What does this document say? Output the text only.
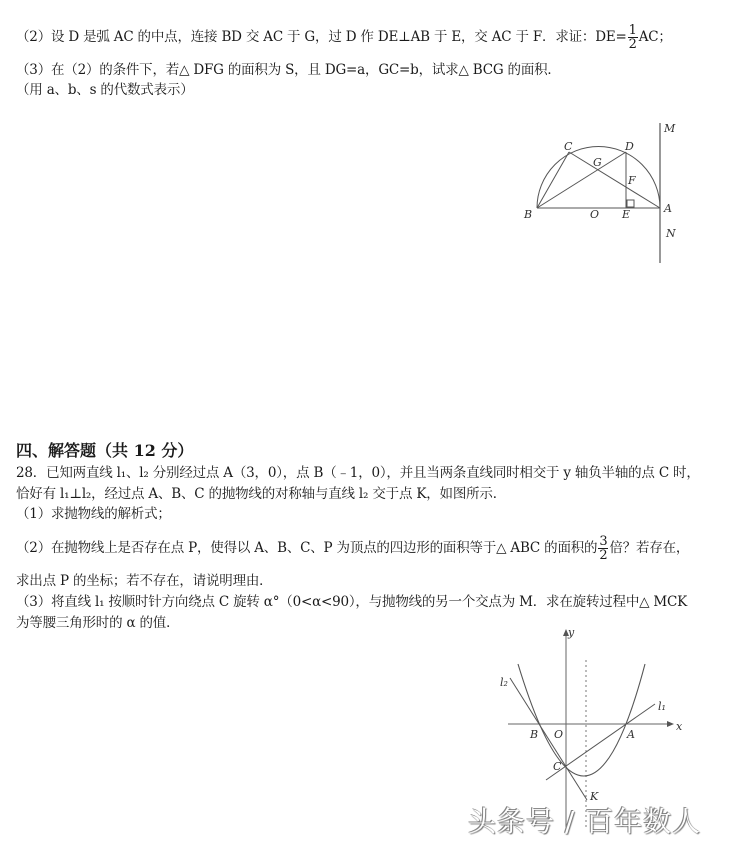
（2）设 D 是弧 AC 的中点，连接 BD 交 AC 于 G，过 D 作 DE⊥AB 于 E，交 AC 于 F．求证：$DE= \frac{1}{2}$ AC；
（3）在（2）的条件下，若△ DFG 的面积为 S，且 DG=a，GC=b，试求△ BCG 的面积．
（用 a、b、s 的代数式表示）
B	O E	A
C
G
D
F
M
N
四、解答题（共 12 分）
28．已知两直线 l₁、l₂ 分别经过点 A（3，0），点 B（﹣1，0），并且当两条直线同时相交于 y 轴负半轴的点 C 时，
恰好有 l₁⊥l₂，经过点 A、B、C 的抛物线的对称轴与直线 l₂ 交于点 K，如图所示．
（1）求抛物线的解析式；
（2）在抛物线上是否存在点 P，使得以 A、B、C、P 为顶点的四边形的面积等于△ ABC 的面积的 $\frac{3}{2}$ 倍？若存在，
求出点 P 的坐标；若不存在，请说明理由．
（3）将直线 l₁ 按顺时针方向绕点 C 旋转 α°（0<α<90），与抛物线的另一个交点为 M．求在旋转过程中△ MCK
为等腰三角形时的 α 的值．
y
x
l₁
l₂
B O	A
C
K
头条号 / 百年数人
